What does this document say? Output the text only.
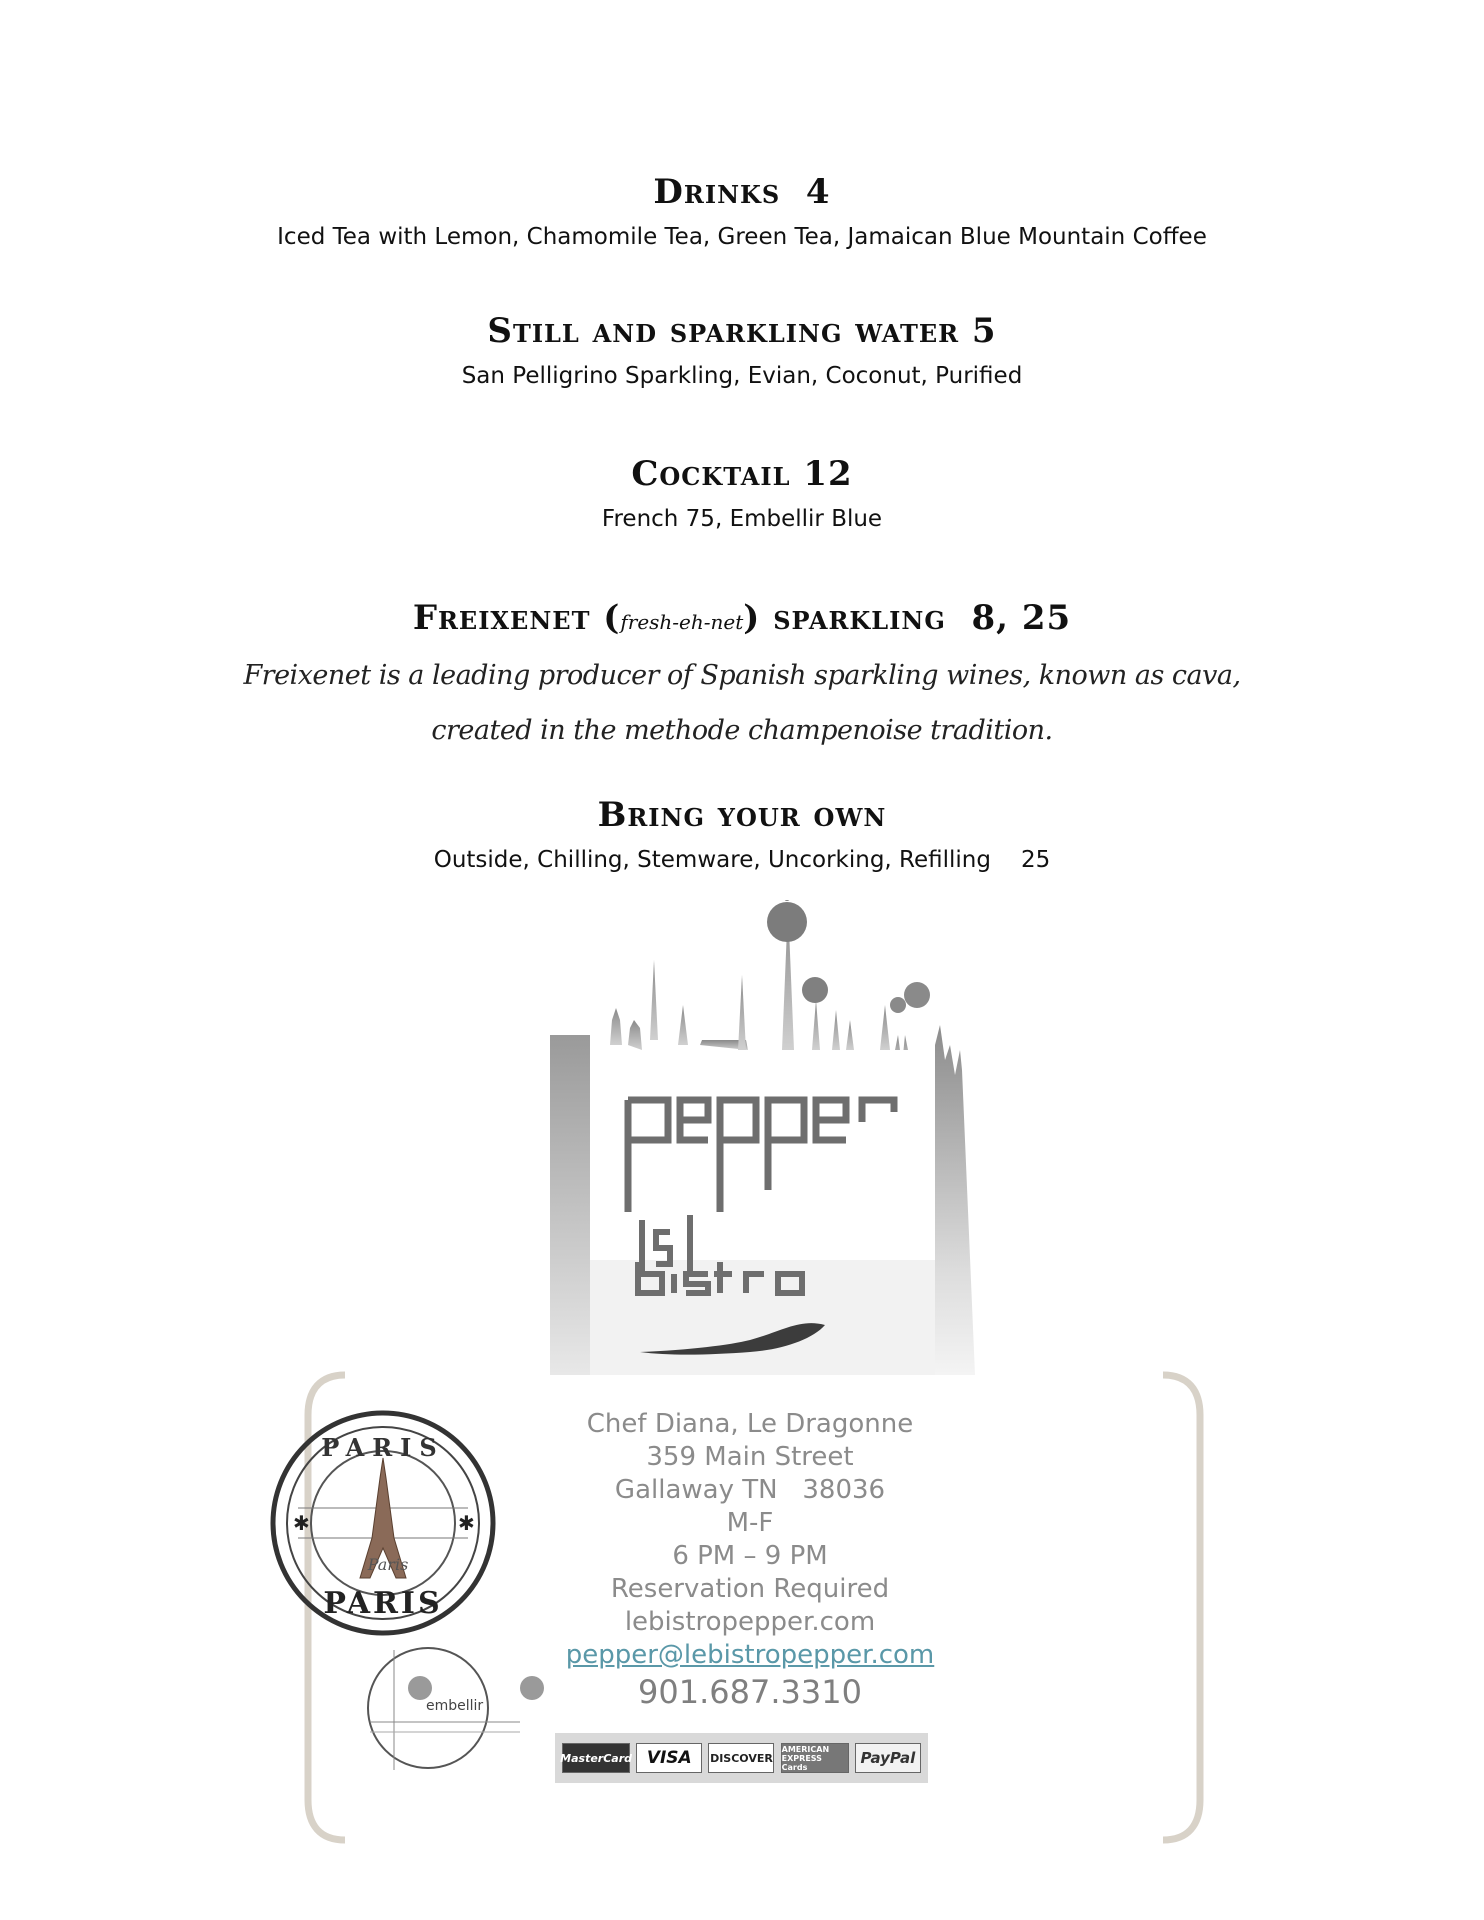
Drinks 4
Iced Tea with Lemon, Chamomile Tea, Green Tea, Jamaican Blue Mountain Coffee
Still and sparkling water 5
San Pelligrino Sparkling, Evian, Coconut, Purified
Cocktail 12
French 75, Embellir Blue
Freixenet (fresh-eh-net) sparkling 8, 25
Freixenet is a leading producer of Spanish sparkling wines, known as cava,
created in the methode champenoise tradition.
Bring your own
Outside, Chilling, Stemware, Uncorking, Refilling 25
PARIS
Paris
PARIS
✱	✱
embellir
Chef Diana, Le Dragonne
359 Main Street
Gallaway TN   38036
M-F
6 PM – 9 PM
Reservation Required
lebistropepper.com
pepper@lebistropepper.com
901.687.3310
MasterCard VISA	DISCOVER
AMERICAN EXPRESS Cards	PayPal
